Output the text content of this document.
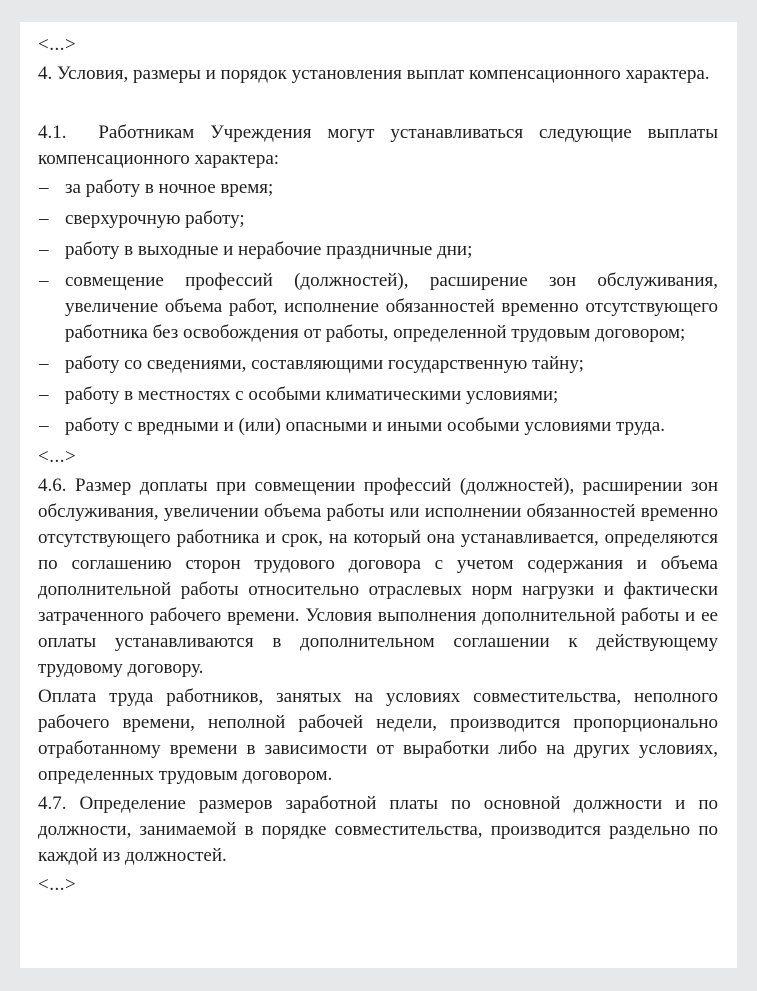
<...>

4. Условия, размеры и порядок установления выплат компенсационного характера.

4.1.  Работникам Учреждения могут устанавливаться следующие выплаты компенсационного характера:

– за работу в ночное время;
– сверхурочную работу;
– работу в выходные и нерабочие праздничные дни;
– совмещение профессий (должностей), расширение зон обслуживания, увеличение объема работ, исполнение обязанностей временно отсутствующего работника без освобождения от работы, определенной трудовым договором;
– работу со сведениями, составляющими государственную тайну;
– работу в местностях с особыми климатическими условиями;
– работу с вредными и (или) опасными и иными особыми условиями труда.

<...>

4.6. Размер доплаты при совмещении профессий (должностей), расширении зон обслуживания, увеличении объема работы или исполнении обязанностей временно отсутствующего работника и срок, на который она устанавливается, определяются по соглашению сторон трудового договора с учетом содержания и объема дополнительной работы относительно отраслевых норм нагрузки и фактически затраченного рабочего времени. Условия выполнения дополнительной работы и ее оплаты устанавливаются в дополнительном соглашении к действующему трудовому договору.

Оплата труда работников, занятых на условиях совместительства, неполного рабочего времени, неполной рабочей недели, производится пропорционально отработанному времени в зависимости от выработки либо на других условиях, определенных трудовым договором.

4.7. Определение размеров заработной платы по основной должности и по должности, занимаемой в порядке совместительства, производится раздельно по каждой из должностей.

<...>
